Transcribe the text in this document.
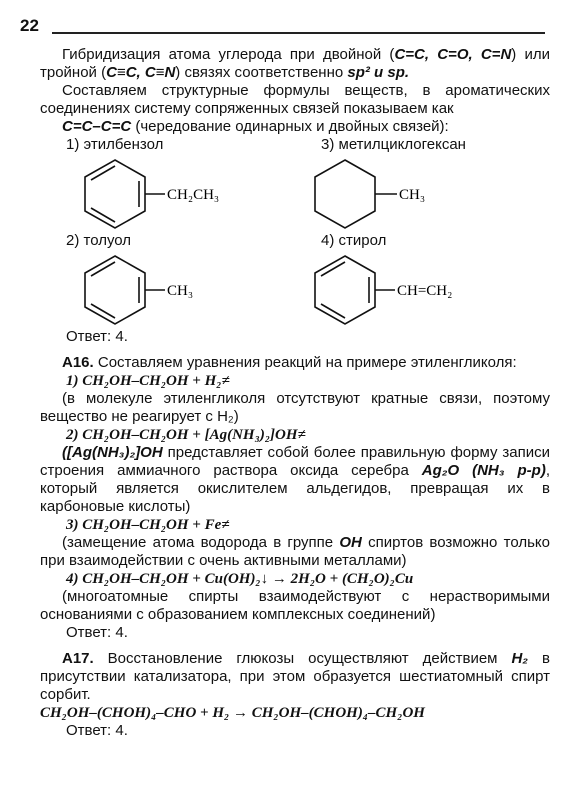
22

Гибридизация атома углерода при двойной (C=C, C=O, C=N) или тройной (C≡C, C≡N) связях соответственно sp² и sp.

Составляем структурные формулы веществ, в ароматических соединениях систему сопряженных связей показываем как

C=C–C=C (чередование одинарных и двойных связей):

1) этилбензол	3) метилциклогексан
CH₂CH₃	CH₃
2) толуол	4) стирол
CH₃	CH=CH₂

Ответ: 4.

А16. Составляем уравнения реакций на примере этиленгликоля:

1) CH₂OH–CH₂OH + H₂≠

(в молекуле этиленгликоля отсутствуют кратные связи, поэтому вещество не реагирует с H₂)

2) CH₂OH–CH₂OH + [Ag(NH₃)₂]OH≠

([Ag(NH₃)₂]OH представляет собой более правильную форму записи строения аммиачного раствора оксида серебра Ag₂O (NH₃ p-p), который является окислителем альдегидов, превращая их в карбоновые кислоты)

3) CH₂OH–CH₂OH + Fe≠

(замещение атома водорода в группе OH спиртов возможно только при взаимодействии с очень активными металлами)

4) CH₂OH–CH₂OH + Cu(OH)₂↓ → 2H₂O + (CH₂O)₂Cu

(многоатомные спирты взаимодействуют с нерастворимыми основаниями с образованием комплексных соединений)

Ответ: 4.

А17. Восстановление глюкозы осуществляют действием H₂ в присутствии катализатора, при этом образуется шестиатомный спирт сорбит.

CH₂OH–(CHOH)₄–CHO + H₂ → CH₂OH–(CHOH)₄–CH₂OH

Ответ: 4.
